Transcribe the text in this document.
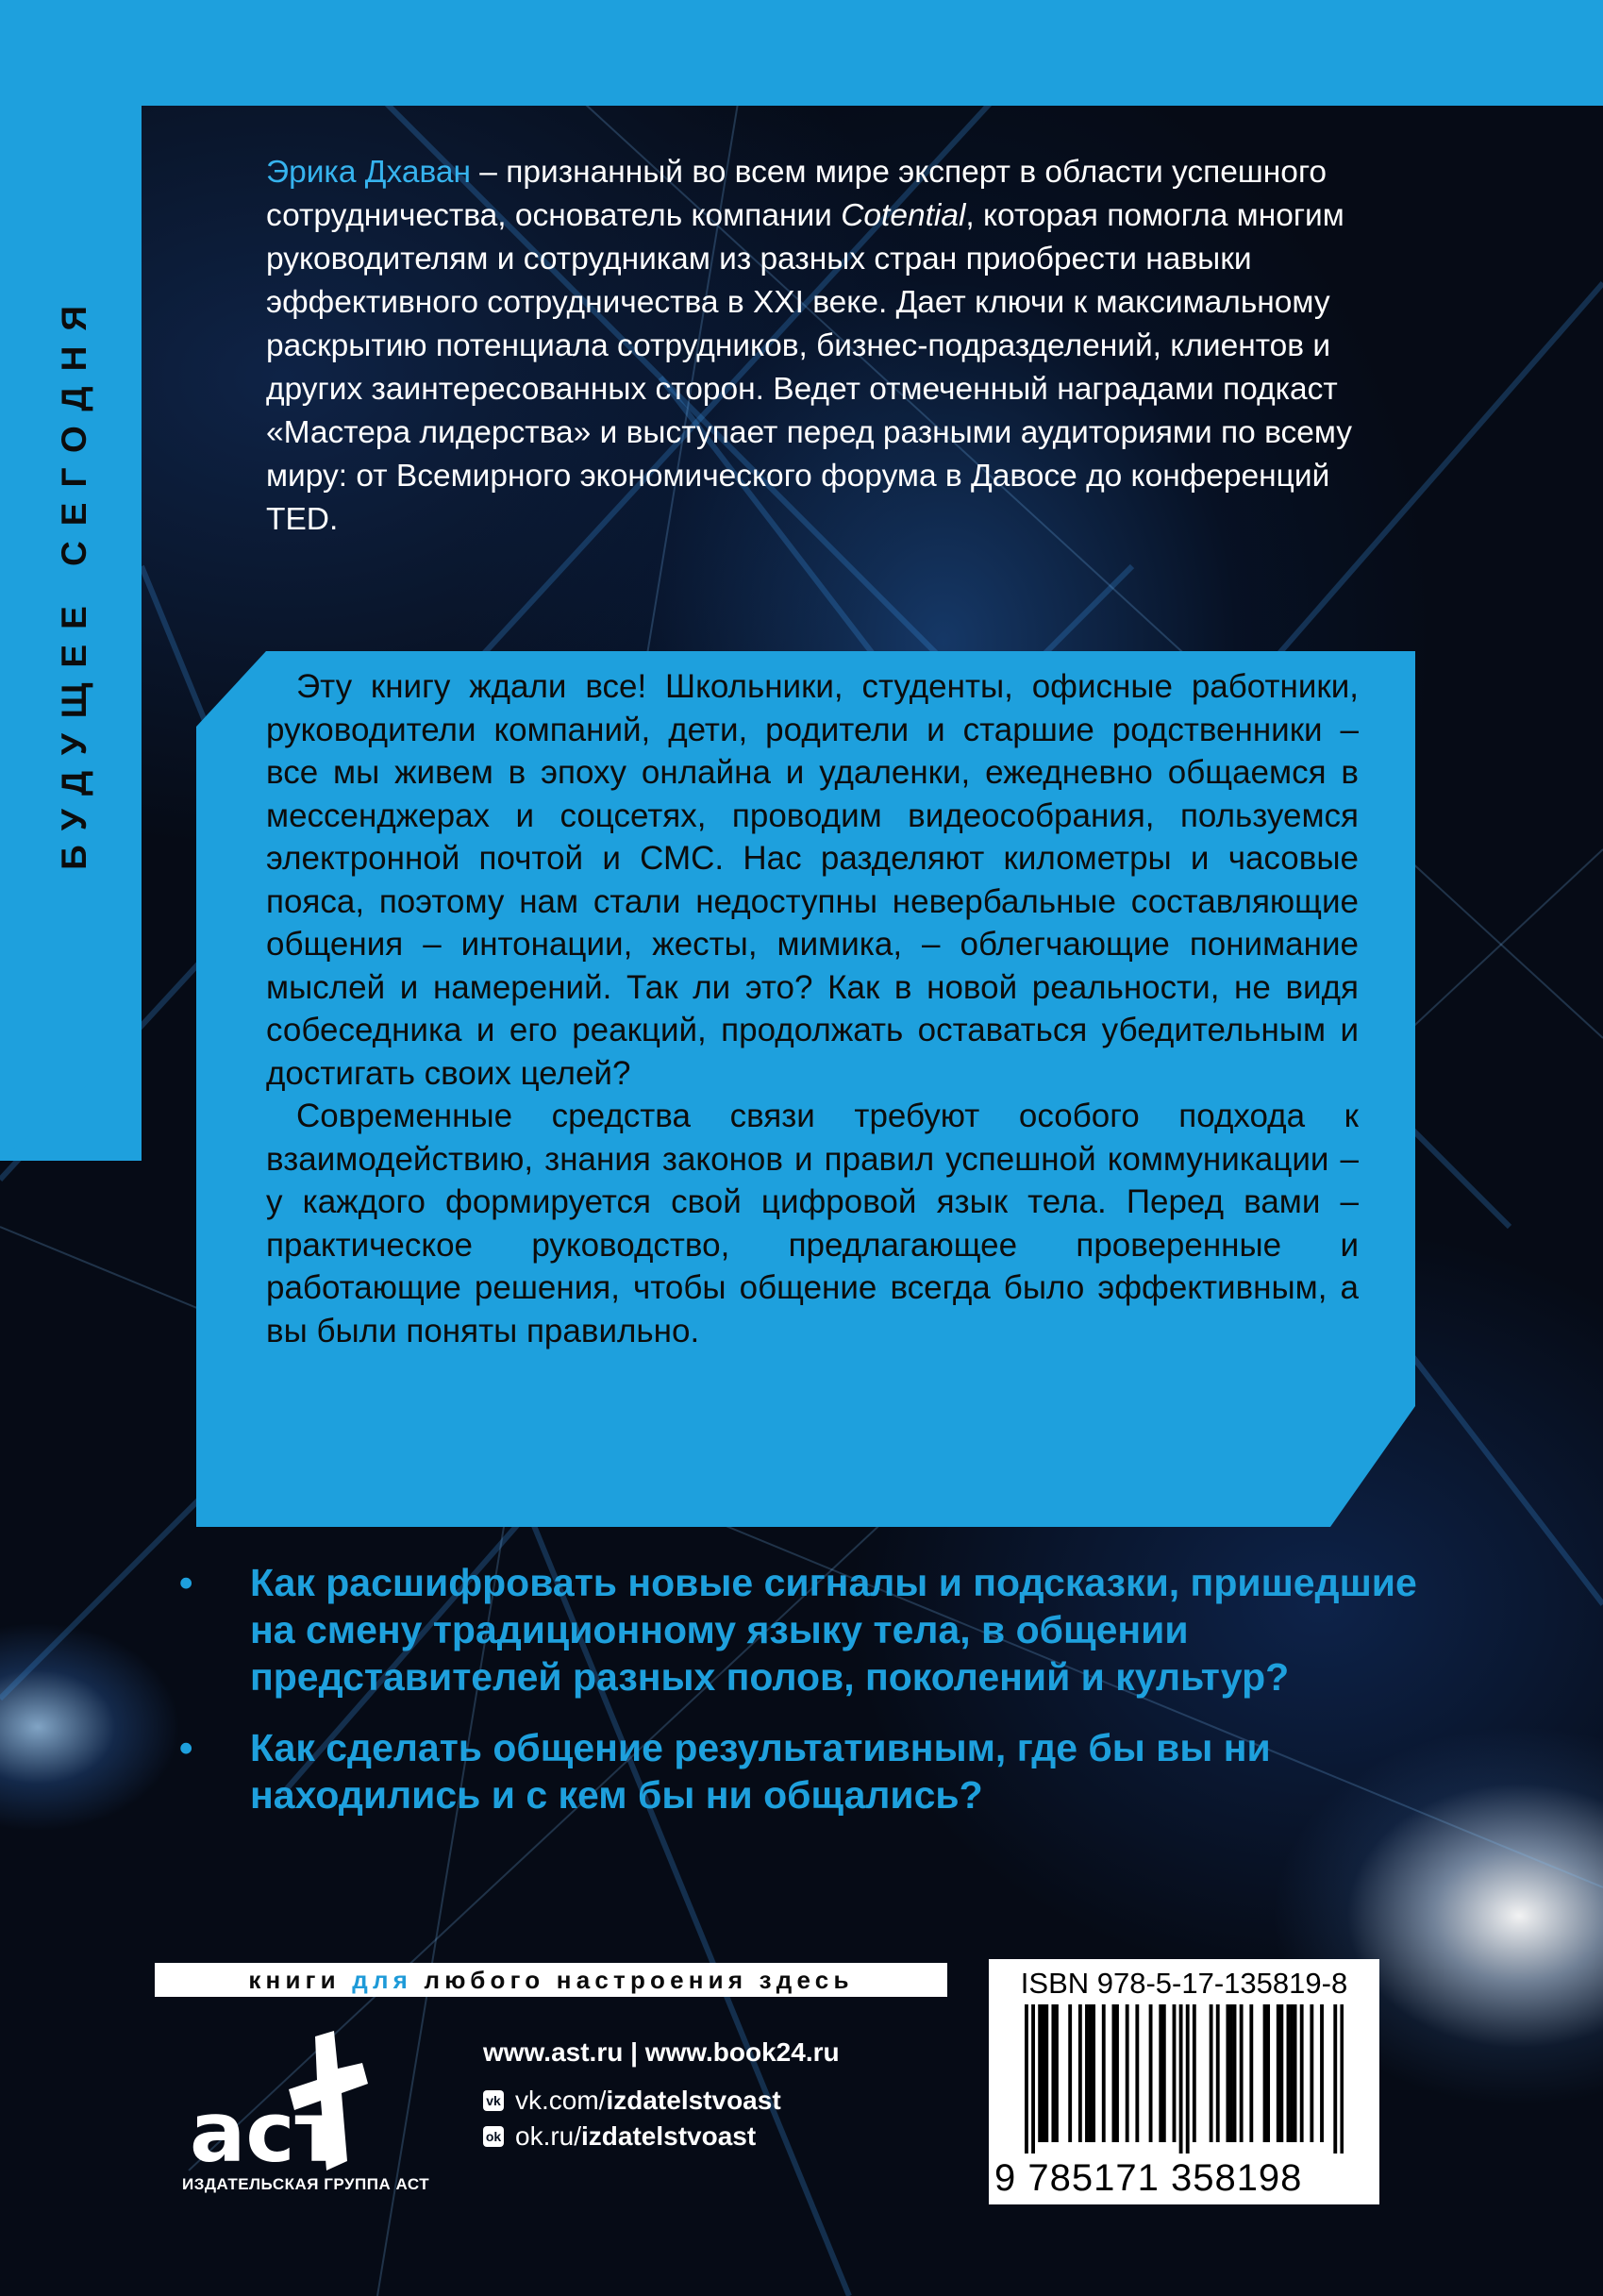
БУДУЩЕЕ СЕГОДНЯ

Эрика Дхаван – признанный во всем мире эксперт в области успешного сотрудничества, основатель компании Cotential, которая помогла многим руководителям и сотрудникам из разных стран приобрести навыки эффективного сотрудничества в XXI веке. Дает ключи к максимальному раскрытию потенциала сотрудников, бизнес-подразделений, клиентов и других заинтересованных сторон. Ведет отмеченный наградами подкаст «Мастера лидерства» и выступает перед разными аудиториями по всему миру: от Всемирного экономического форума в Давосе до конференций TED.

Эту книгу ждали все! Школьники, студенты, офисные работники, руководители компаний, дети, родители и старшие родственники – все мы живем в эпоху онлайна и удаленки, ежедневно общаемся в мессенджерах и соцсетях, проводим видеособрания, пользуемся электронной почтой и СМС. Нас разделяют километры и часовые пояса, поэтому нам стали недоступны невербальные составляющие общения – интонации, жесты, мимика, – облегчающие понимание мыслей и намерений. Так ли это? Как в новой реальности, не видя собеседника и его реакций, продолжать оставаться убедительным и достигать своих целей?

Современные средства связи требуют особого подхода к взаимодействию, знания законов и правил успешной коммуникации – у каждого формируется свой цифровой язык тела. Перед вами – практическое руководство, предлагающее проверенные и работающие решения, чтобы общение всегда было эффективным, а вы были поняты правильно.

• Как расшифровать новые сигналы и подсказки, пришедшие на смену традиционному языку тела, в общении представителей разных полов, поколений и культур?
• Как сделать общение результативным, где бы вы ни находились и с кем бы ни общались?
книги для любого настроения здесь
аст
ИЗДАТЕЛЬСКАЯ ГРУППА АСТ
www.ast.ru | www.book24.ru
vk vk.com/ izdatelstvoast
ok ok.ru/ izdatelstvoast
ISBN 978-5-17-135819-8
9 785171 358198
